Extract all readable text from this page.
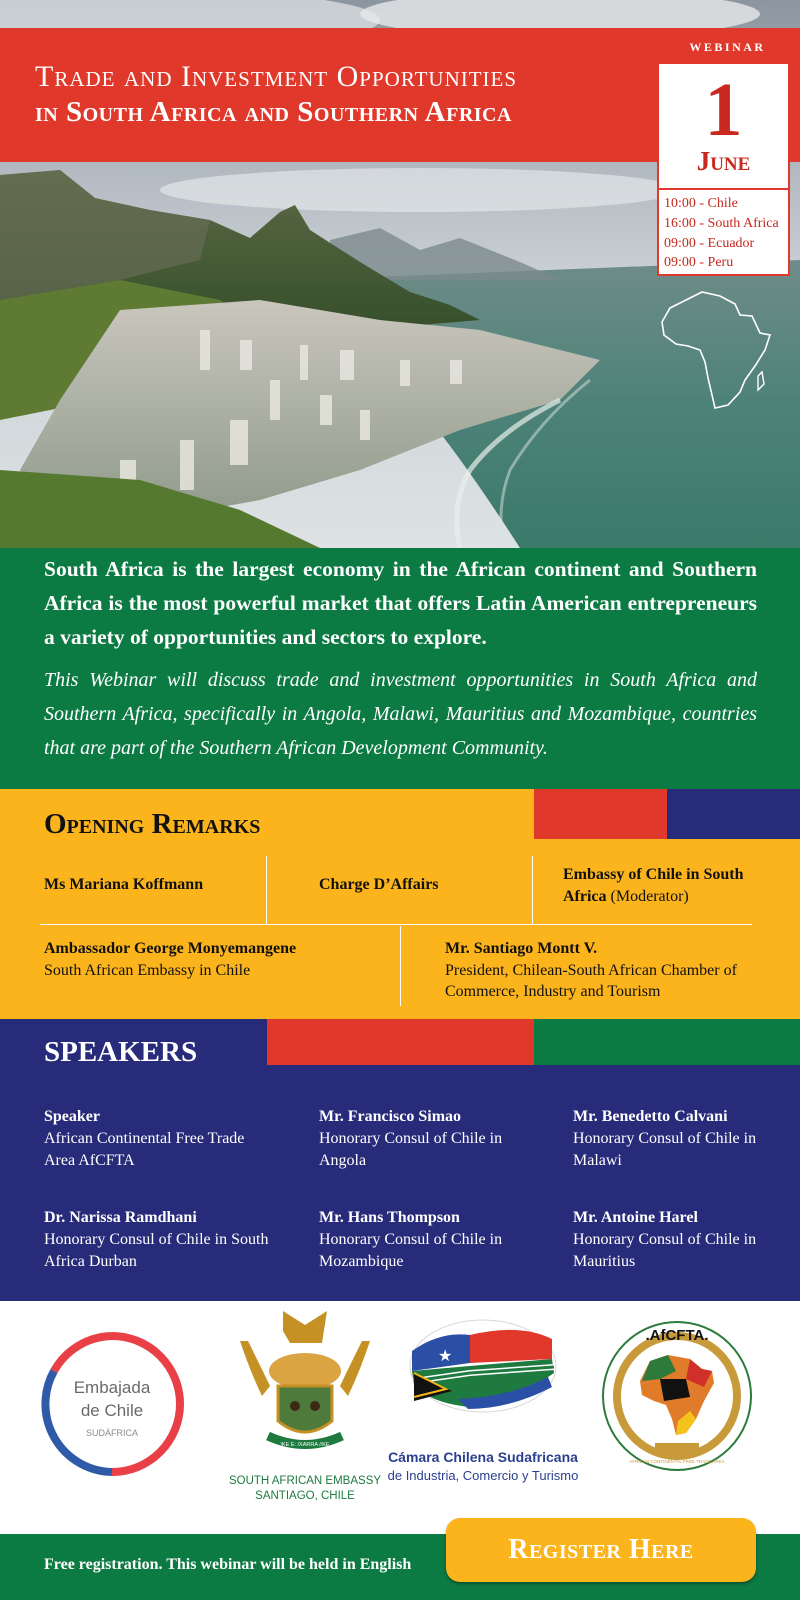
Trade and Investment Opportunities
in South Africa and Southern Africa
WEBINAR
1
June
10:00 - Chile
16:00 - South Africa
09:00 - Ecuador
09:00 - Peru

South Africa is the largest economy in the African continent and Southern Africa is the most powerful market that offers Latin American entrepreneurs a variety of opportunities and sectors to explore.

This Webinar will discuss trade and investment opportunities in South Africa and Southern Africa, specifically in Angola, Malawi, Mauritius and Mozambique, countries that are part of the Southern African Development Community.

Opening Remarks
Ms Mariana Koffmann	Charge D’Affairs
Embassy of Chile in South Africa (Moderator)
Ambassador George Monyemangene
South African Embassy in Chile
Mr. Santiago Montt V.
President, Chilean-South African Chamber of Commerce, Industry and Tourism
SPEAKERS
Speaker
African Continental Free Trade Area AfCFTA
Mr. Francisco Simao
Honorary Consul of Chile in Angola
Mr. Benedetto Calvani
Honorary Consul of Chile in Malawi
Dr. Narissa Ramdhani
Honorary Consul of Chile in South Africa Durban
Mr. Hans Thompson
Honorary Consul of Chile in Mozambique
Mr. Antoine Harel
Honorary Consul of Chile in Mauritius
Embajada
de Chile
SUDÁFRICA
!KE E: /XARRA //KE
SOUTH AFRICAN EMBASSY
SANTIAGO, CHILE
★
Cámara Chilena Sudafricana
de Industria, Comercio y Turismo
.AfCFTA.
AFRICAN CONTINENTAL FREE TRADE AREA
Free registration. This webinar will be held in English	Register Here
